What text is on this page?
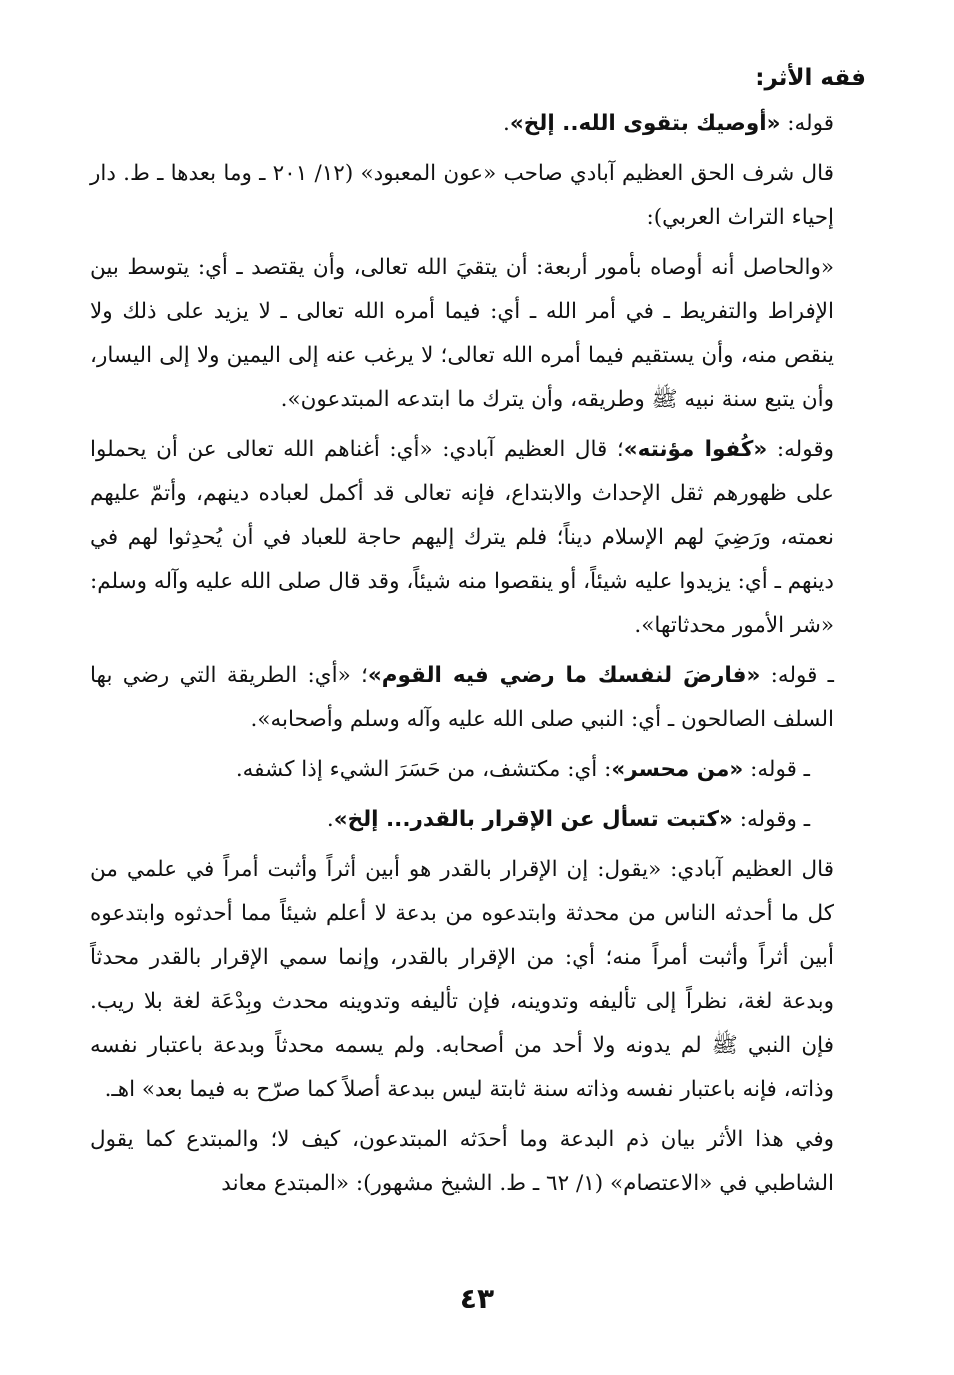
فقه الأثر:

قوله: «أوصيك بتقوى الله.. إلخ».

قال شرف الحق العظيم آبادي صاحب «عون المعبود» (١٢/ ٢٠١ ـ وما بعدها ـ ط. دار إحياء التراث العربي):

«والحاصل أنه أوصاه بأمور أربعة: أن يتقيَ الله تعالى، وأن يقتصد ـ أي: يتوسط بين الإفراط والتفريط ـ في أمر الله ـ أي: فيما أمره الله تعالى ـ لا يزيد على ذلك ولا ينقص منه، وأن يستقيم فيما أمره الله تعالى؛ لا يرغب عنه إلى اليمين ولا إلى اليسار، وأن يتبع سنة نبيه ﷺ وطريقه، وأن يترك ما ابتدعه المبتدعون».

وقوله: «كُفوا مؤنته»؛ قال العظيم آبادي: «أي: أغناهم الله تعالى عن أن يحملوا على ظهورهم ثقل الإحداث والابتداع، فإنه تعالى قد أكمل لعباده دينهم، وأتمّ عليهم نعمته، ورَضِيَ لهم الإسلام ديناً؛ فلم يترك إليهم حاجة للعباد في أن يُحدِثوا لهم في دينهم ـ أي: يزيدوا عليه شيئاً، أو ينقصوا منه شيئاً، وقد قال صلى الله عليه وآله وسلم: «شر الأمور محدثاتها».

ـ قوله: «فارضَ لنفسك ما رضي فيه القوم»؛ «أي: الطريقة التي رضي بها السلف الصالحون ـ أي: النبي صلى الله عليه وآله وسلم وأصحابه».

ـ قوله: «من محسر»: أي: مكتشف، من حَسَرَ الشيء إذا كشفه.

ـ وقوله: «كتبت تسأل عن الإقرار بالقدر... إلخ».

قال العظيم آبادي: «يقول: إن الإقرار بالقدر هو أبين أثراً وأثبت أمراً في علمي من كل ما أحدثه الناس من محدثة وابتدعوه من بدعة لا أعلم شيئاً مما أحدثوه وابتدعوه أبين أثراً وأثبت أمراً منه؛ أي: من الإقرار بالقدر، وإنما سمي الإقرار بالقدر محدثاً وبدعة لغة، نظراً إلى تأليفه وتدوينه، فإن تأليفه وتدوينه محدث وبِدْعَة لغة بلا ريب. فإن النبي ﷺ لم يدونه ولا أحد من أصحابه. ولم يسمه محدثاً وبدعة باعتبار نفسه وذاته، فإنه باعتبار نفسه وذاته سنة ثابتة ليس ببدعة أصلاً كما صرّح به فيما بعد» اهـ.

وفي هذا الأثر بيان ذم البدعة وما أحدَثه المبتدعون، كيف لا؛ والمبتدع كما يقول الشاطبي في «الاعتصام» (١/ ٦٢ ـ ط. الشيخ مشهور): «المبتدع معاند

٤٣
